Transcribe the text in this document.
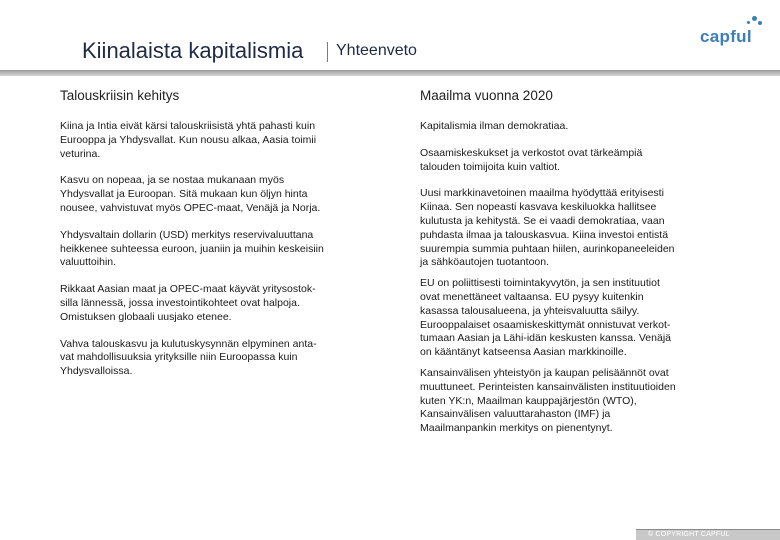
Kiinalaista kapitalismia Yhteenveto
capful
Talouskriisin kehitys

Kiina ja Intia eivät kärsi talouskriisistä yhtä pahasti kuin
Eurooppa ja Yhdysvallat. Kun nousu alkaa, Aasia toimii
veturina.

Kasvu on nopeaa, ja se nostaa mukanaan myös
Yhdysvallat ja Euroopan. Sitä mukaan kun öljyn hinta
nousee, vahvistuvat myös OPEC-maat, Venäjä ja Norja.

Yhdysvaltain dollarin (USD) merkitys reservivaluuttana
heikkenee suhteessa euroon, juaniin ja muihin keskeisiin
valuuttoihin.

Rikkaat Aasian maat ja OPEC-maat käyvät yritysostok-
silla lännessä, jossa investointikohteet ovat halpoja.
Omistuksen globaali uusjako etenee.

Vahva talouskasvu ja kulutuskysynnän elpyminen anta-
vat mahdollisuuksia yrityksille niin Euroopassa kuin
Yhdysvalloissa.

Maailma vuonna 2020

Kapitalismia ilman demokratiaa.

Osaamiskeskukset ja verkostot ovat tärkeämpiä
talouden toimijoita kuin valtiot.

Uusi markkinavetoinen maailma hyödyttää erityisesti
Kiinaa. Sen nopeasti kasvava keskiluokka hallitsee
kulutusta ja kehitystä. Se ei vaadi demokratiaa, vaan
puhdasta ilmaa ja talouskasvua. Kiina investoi entistä
suurempia summia puhtaan hiilen, aurinkopaneeleiden
ja sähköautojen tuotantoon.

EU on poliittisesti toimintakyvytön, ja sen instituutiot
ovat menettäneet valtaansa. EU pysyy kuitenkin
kasassa talousalueena, ja yhteisvaluutta säilyy.
Eurooppalaiset osaamiskeskittymät onnistuvat verkot-
tumaan Aasian ja Lähi-idän keskusten kanssa. Venäjä
on kääntänyt katseensa Aasian markkinoille.

Kansainvälisen yhteistyön ja kaupan pelisäännöt ovat
muuttuneet. Perinteisten kansainvälisten instituutioiden
kuten YK:n, Maailman kauppajärjestön (WTO),
Kansainvälisen valuuttarahaston (IMF) ja
Maailmanpankin merkitys on pienentynyt.

© COPYRIGHT CAPFUL
